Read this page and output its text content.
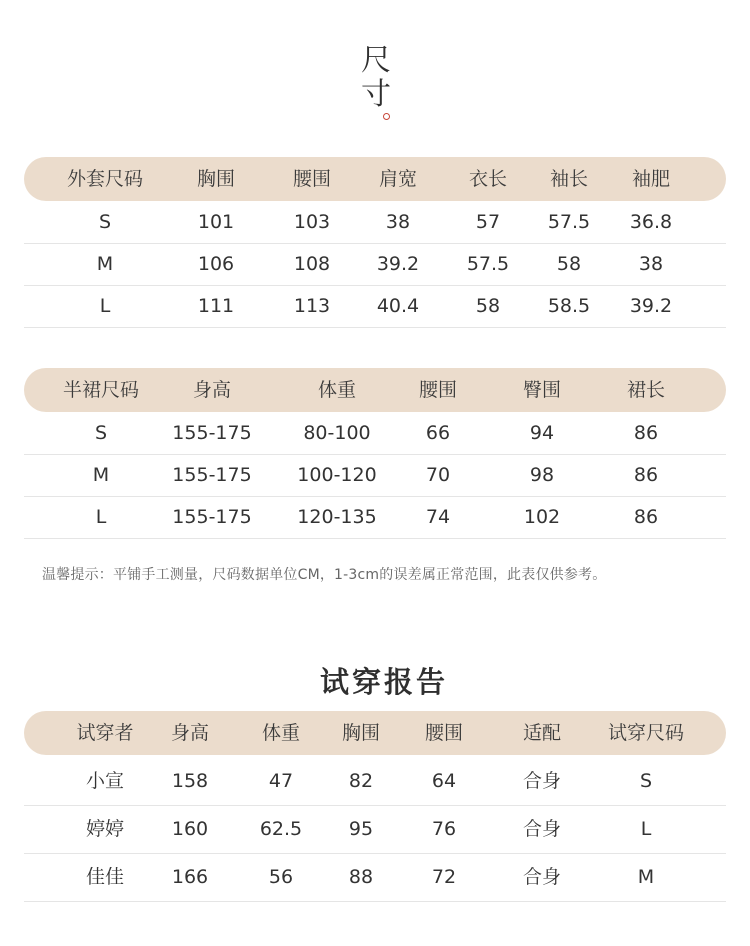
尺
寸
外套尺码	胸围	腰围	肩宽	衣长 袖长 袖肥
S	101	103	38	57	57.5 36.8
M	106	108 39.2	57.5	58	38
L	111	113 40.4	58	58.5 39.2
半裙尺码	身高	体重	腰围	臀围	裙长
S	155-175	80-100	66	94	86
M	155-175 100-120	70	98	86
L	155-175 120-135	74	102	86
温馨提示：平铺手工测量，尺码数据单位CM，1-3cm的误差属正常范围，此表仅供参考。
试穿报告
试穿者 身高	体重 胸围 腰围	适配 试穿尺码
小宣	158	47	82	64	合身	S
婷婷	160	62.5 95	76	合身	L
佳佳	166	56	88	72	合身	M
